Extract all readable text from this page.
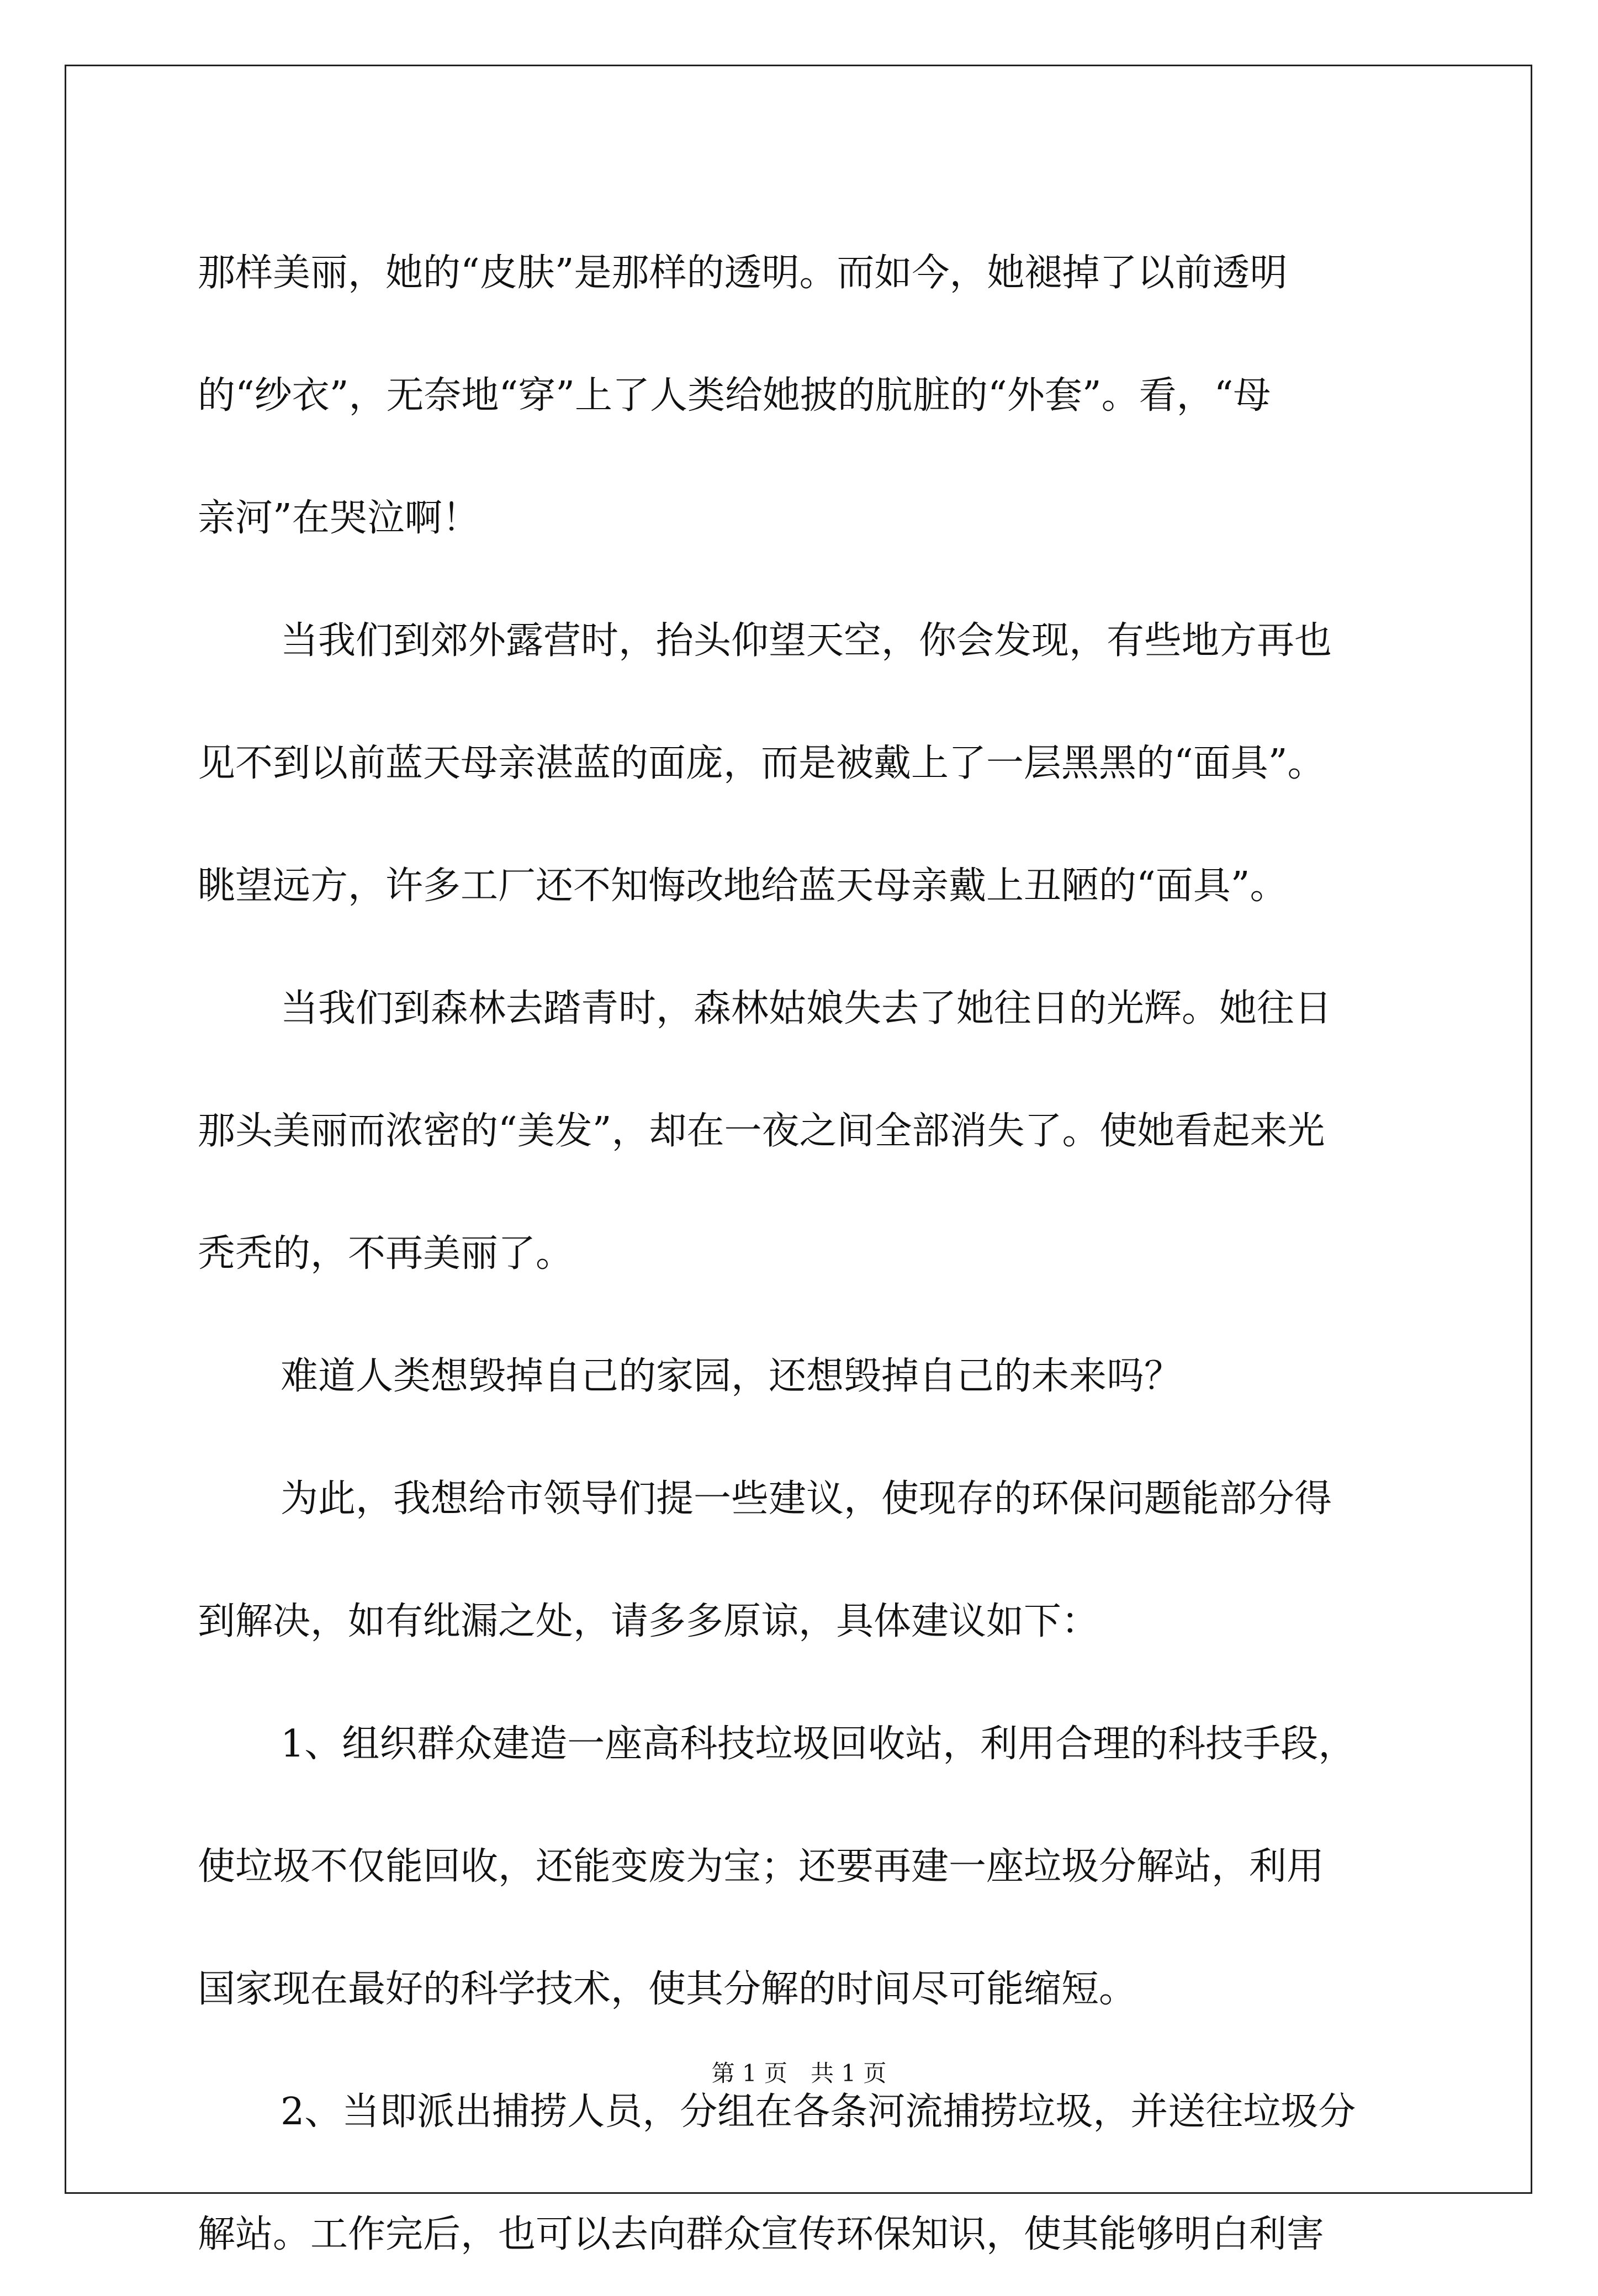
那样美丽，她的“皮肤”是那样的透明。而如今，她褪掉了以前透明

的“纱衣”，无奈地“穿”上了人类给她披的肮脏的“外套”。看，“母

亲河”在哭泣啊！

当我们到郊外露营时，抬头仰望天空，你会发现，有些地方再也

见不到以前蓝天母亲湛蓝的面庞，而是被戴上了一层黑黑的“面具”。

眺望远方，许多工厂还不知悔改地给蓝天母亲戴上丑陋的“面具”。

当我们到森林去踏青时，森林姑娘失去了她往日的光辉。她往日

那头美丽而浓密的“美发”，却在一夜之间全部消失了。使她看起来光

秃秃的，不再美丽了。

难道人类想毁掉自己的家园，还想毁掉自己的未来吗？

为此，我想给市领导们提一些建议，使现存的环保问题能部分得

到解决，如有纰漏之处，请多多原谅，具体建议如下：

1、组织群众建造一座高科技垃圾回收站，利用合理的科技手段，

使垃圾不仅能回收，还能变废为宝；还要再建一座垃圾分解站，利用

国家现在最好的科学技术，使其分解的时间尽可能缩短。

2、当即派出捕捞人员，分组在各条河流捕捞垃圾，并送往垃圾分

解站。工作完后，也可以去向群众宣传环保知识，使其能够明白利害

第 1 页　共 1 页
